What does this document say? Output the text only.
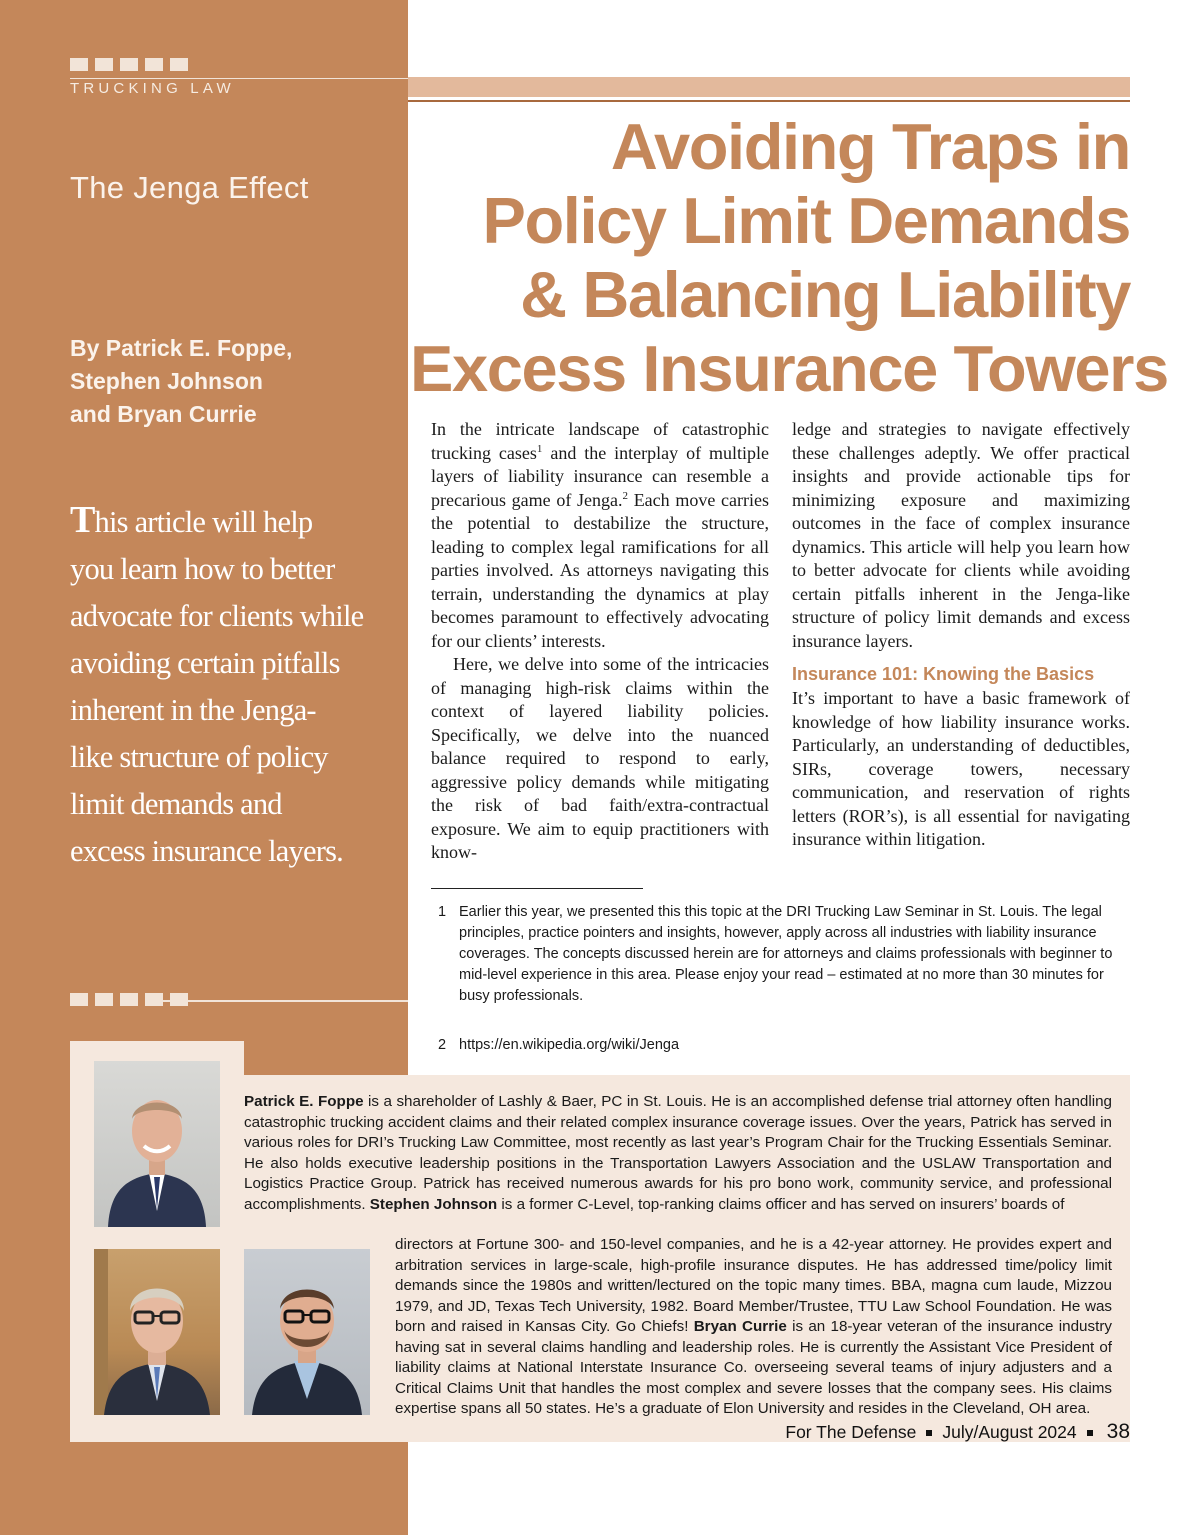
TRUCKING LAW
The Jenga Effect
By Patrick E. Foppe,
Stephen Johnson
and Bryan Currie
This article will help
you learn how to better
advocate for clients while
avoiding certain pitfalls
inherent in the Jenga-
like structure of policy
limit demands and
excess insurance layers.
Avoiding Traps in
Policy Limit Demands
& Balancing Liability
Excess Insurance Towers

In the intricate landscape of catastrophic trucking cases$^1$ and the interplay of multiple layers of liability insurance can resemble a precarious game of Jenga.$^2$ Each move carries the potential to destabilize the structure, leading to complex legal ramifications for all parties involved. As attorneys navigating this terrain, understanding the dynamics at play becomes paramount to effectively advocating for our clients’ interests.

Here, we delve into some of the intricacies of managing high-risk claims within the context of layered liability policies. Specifically, we delve into the nuanced balance required to respond to early, aggressive policy demands while mitigating the risk of bad faith/extra-contractual exposure. We aim to equip practitioners with know-

ledge and strategies to navigate effectively these challenges adeptly. We offer practical insights and provide actionable tips for minimizing exposure and maximizing outcomes in the face of complex insurance dynamics. This article will help you learn how to better advocate for clients while avoiding certain pitfalls inherent in the Jenga-like structure of policy limit demands and excess insurance layers.

Insurance 101: Knowing the Basics

It’s important to have a basic framework of knowledge of how liability insurance works. Particularly, an understanding of deductibles, SIRs, coverage towers, necessary communication, and reservation of rights letters (ROR’s), is all essential for navigating insurance within litigation.

1 Earlier this year, we presented this this topic at the DRI Trucking Law Seminar in St. Louis. The legal principles, practice pointers and insights, however, apply across all industries with liability insurance coverages. The concepts discussed herein are for attorneys and claims professionals with beginner to mid-level experience in this area. Please enjoy your read – estimated at no more than 30 minutes for busy professionals.
2 https://en.wikipedia.org/wiki/Jenga
Patrick E. Foppe is a shareholder of Lashly & Baer, PC in St. Louis. He is an accomplished defense trial attorney often handling catastrophic trucking accident claims and their related complex insurance coverage issues. Over the years, Patrick has served in various roles for DRI’s Trucking Law Committee, most recently as last year’s Program Chair for the Trucking Essentials Seminar. He also holds executive leadership positions in the Transportation Lawyers Association and the USLAW Transportation and Logistics Practice Group. Patrick has received numerous awards for his pro bono work, community service, and professional accomplishments. Stephen Johnson is a former C-Level, top-ranking claims officer and has served on insurers’ boards of
directors at Fortune 300- and 150-level companies, and he is a 42-year attorney. He provides expert and arbitration services in large-scale, high-profile insurance disputes. He has addressed time/policy limit demands since the 1980s and written/lectured on the topic many times. BBA, magna cum laude, Mizzou 1979, and JD, Texas Tech University, 1982. Board Member/Trustee, TTU Law School Foundation. He was born and raised in Kansas City. Go Chiefs! Bryan Currie is an 18-year veteran of the insurance industry having sat in several claims handling and leadership roles. He is currently the Assistant Vice President of liability claims at National Interstate Insurance Co. overseeing several teams of injury adjusters and a Critical Claims Unit that handles the most complex and severe losses that the company sees. His claims expertise spans all 50 states. He’s a graduate of Elon University and resides in the Cleveland, OH area.
For The Defense July/August 2024 38
